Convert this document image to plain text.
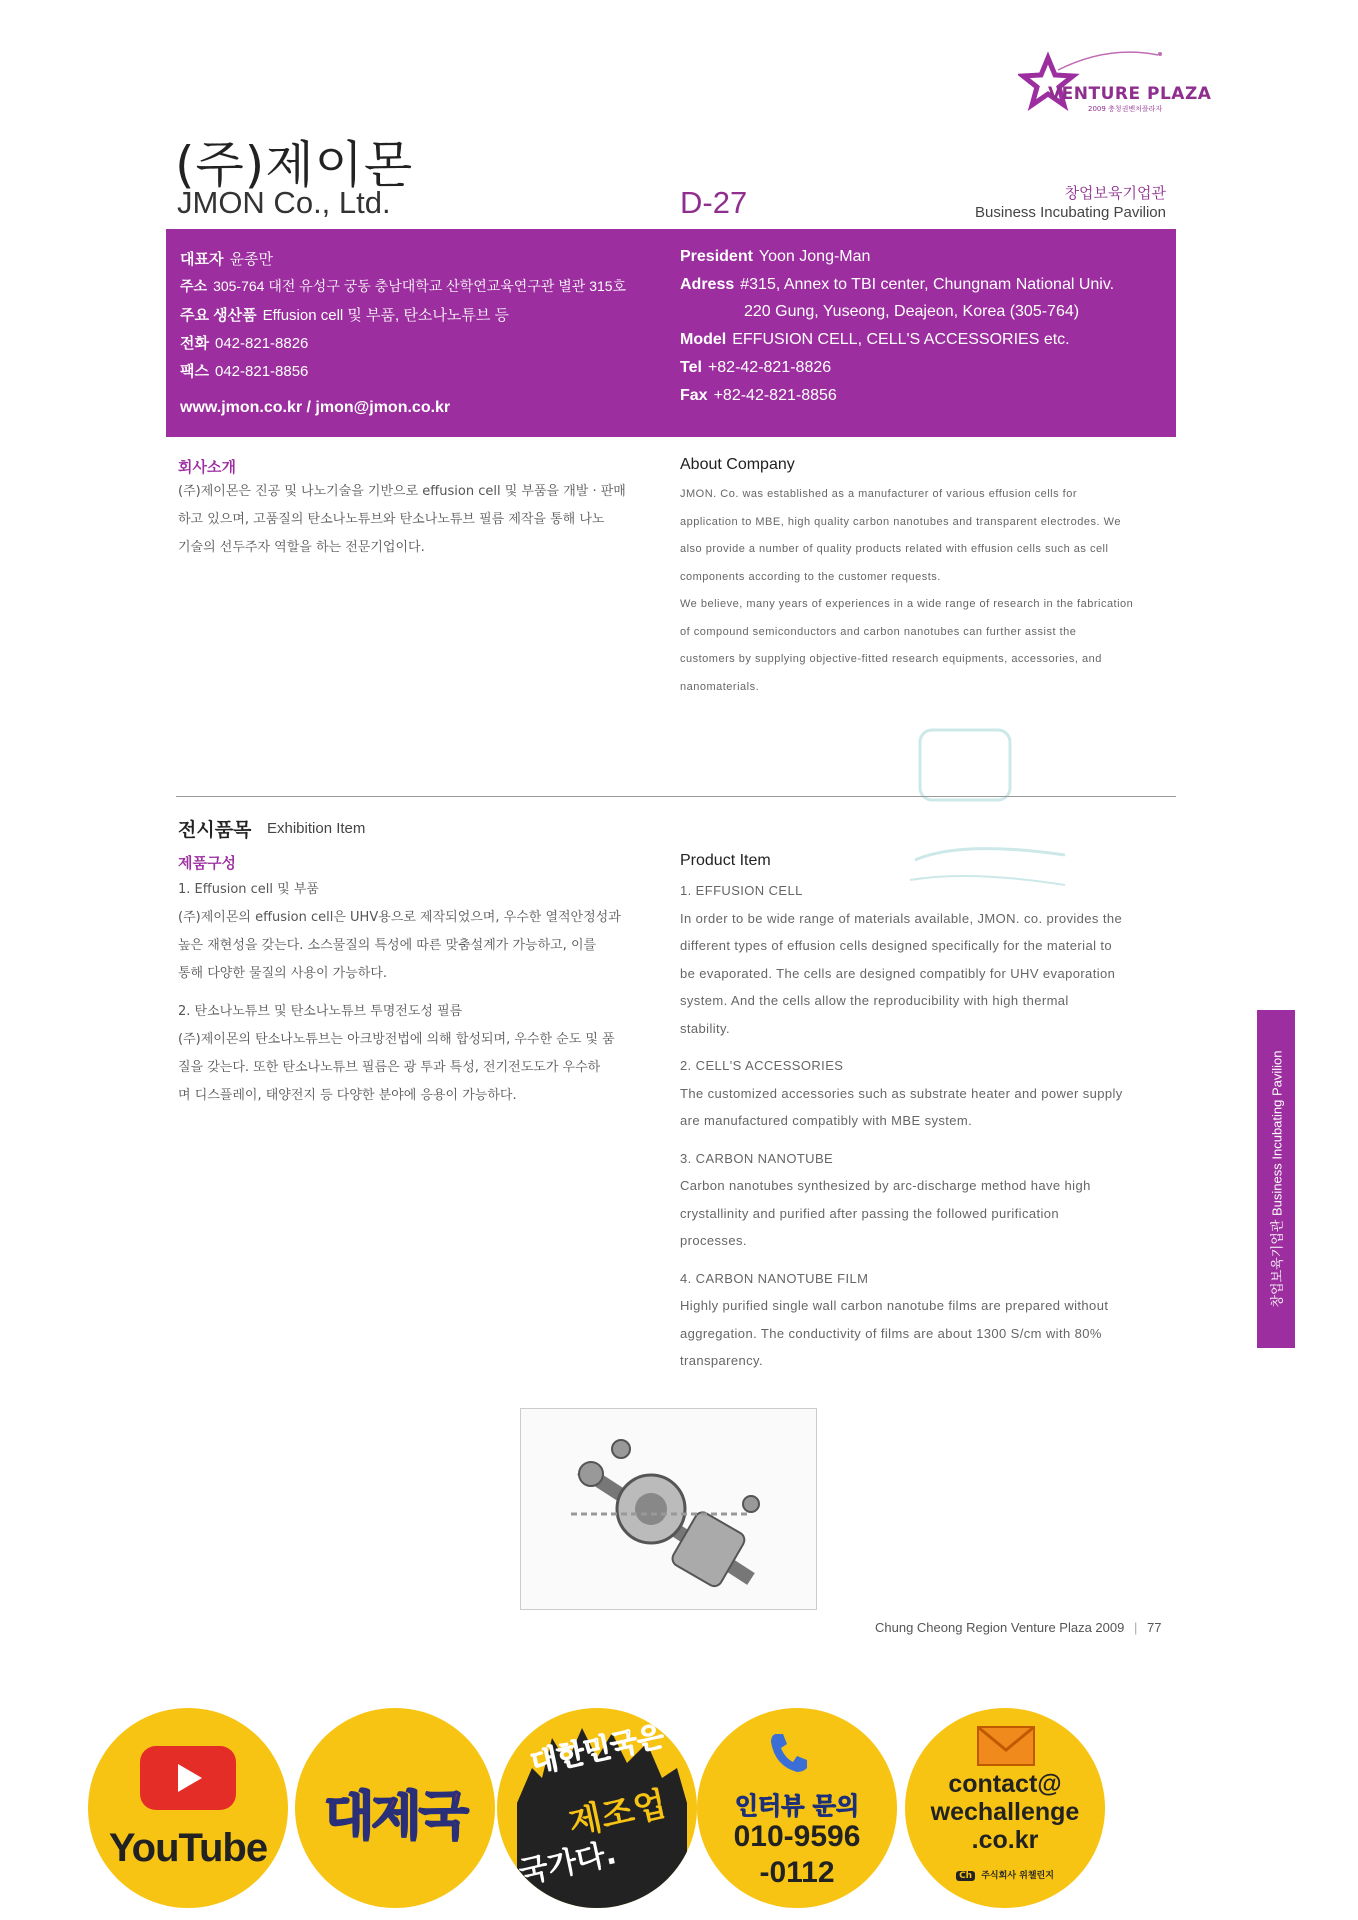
VENTURE PLAZA
2009 충청권벤처플라자
(주)제이몬
JMON Co., Ltd.	D-27	창업보육기업관
Business Incubating Pavilion
대표자 윤종만
주소 305-764 대전 유성구 궁동 충남대학교 산학연교육연구관 별관 315호
주요 생산품 Effusion cell 및 부품, 탄소나노튜브 등
전화 042-821-8826
팩스 042-821-8856
www.jmon.co.kr / jmon@jmon.co.kr
President Yoon Jong-Man
Adress #315, Annex to TBI center, Chungnam National Univ.
220 Gung, Yuseong, Deajeon, Korea (305-764)
Model EFFUSION CELL, CELL'S ACCESSORIES etc.
Tel +82-42-821-8826
Fax +82-42-821-8856
회사소개
(주)제이몬은 진공 및 나노기술을 기반으로 effusion cell 및 부품을 개발 · 판매
하고 있으며, 고품질의 탄소나노튜브와 탄소나노튜브 필름 제작을 통해 나노
기술의 선두주자 역할을 하는 전문기업이다.
About Company
JMON. Co. was established as a manufacturer of various effusion cells for
application to MBE, high quality carbon nanotubes and transparent electrodes. We
also provide a number of quality products related with effusion cells such as cell
components according to the customer requests.
We believe, many years of experiences in a wide range of research in the fabrication
of compound semiconductors and carbon nanotubes can further assist the
customers by supplying objective-fitted research equipments, accessories, and
nanomaterials.
전시품목 Exhibition Item
제품구성
1. Effusion cell 및 부품
(주)제이몬의 effusion cell은 UHV용으로 제작되었으며, 우수한 열적안정성과
높은 재현성을 갖는다. 소스물질의 특성에 따른 맞춤설계가 가능하고, 이를
통해 다양한 물질의 사용이 가능하다.
2. 탄소나노튜브 및 탄소나노튜브 투명전도성 필름
(주)제이몬의 탄소나노튜브는 아크방전법에 의해 합성되며, 우수한 순도 및 품
질을 갖는다. 또한 탄소나노튜브 필름은 광 투과 특성, 전기전도도가 우수하
며 디스플레이, 태양전지 등 다양한 분야에 응용이 가능하다.
Product Item
1. EFFUSION CELL
In order to be wide range of materials available, JMON. co. provides the
different types of effusion cells designed specifically for the material to
be evaporated. The cells are designed compatibly for UHV evaporation
system. And the cells allow the reproducibility with high thermal
stability.
2. CELL'S ACCESSORIES
The customized accessories such as substrate heater and power supply
are manufactured compatibly with MBE system.
3. CARBON NANOTUBE
Carbon nanotubes synthesized by arc-discharge method have high
crystallinity and purified after passing the followed purification
processes.
4. CARBON NANOTUBE FILM
Highly purified single wall carbon nanotube films are prepared without
aggregation. The conductivity of films are about 1300 S/cm with 80%
transparency.
창업보육기업관 Business Incubating Pavilion
Chung Cheong Region Venture Plaza 2009 | 77
YouTube
대제국
대한민국은
제조업
국가다.
인터뷰 문의
010-9596
-0112
contact@
wechallenge
.co.kr
Ch 주식회사 위챌린지
